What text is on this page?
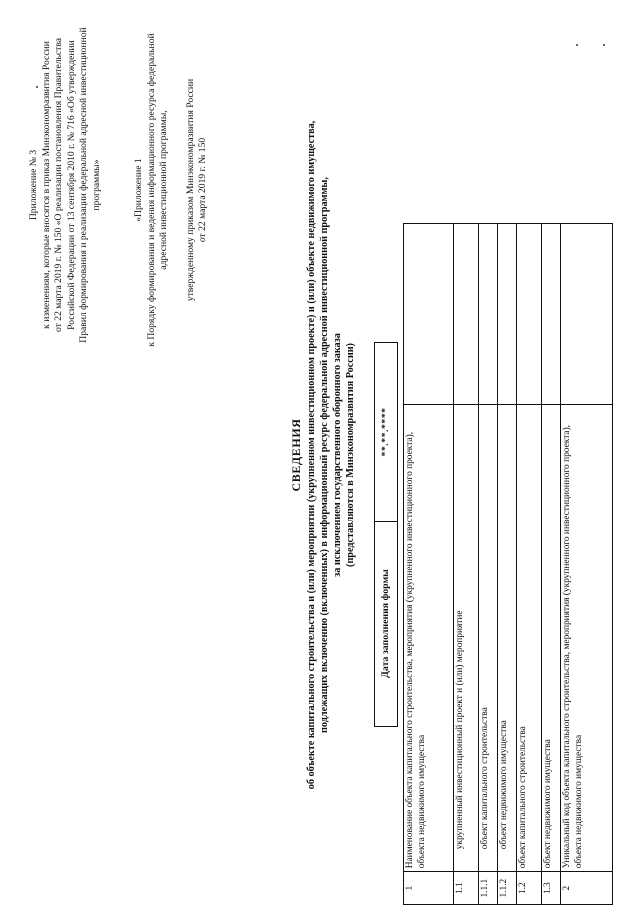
Приложение № 3 к изменениям, которые вносятся в приказ Минэкономразвития России от 22 марта 2019 г. № 150 «О реализации постановления Правительства Российской Федерации от 13 сентября 2010 г. № 716 «Об утверждении Правил формирования и реализации федеральной адресной инвестиционной программы»	«Приложение 1 к Порядку формирования и ведения информационного ресурса федеральной адресной инвестиционной программы, утвержденному приказом Минэкономразвития России от 22 марта 2019 г. № 150
СВЕДЕНИЯ об объекте капитального строительства и (или) мероприятии (укрупненном инвестиционном проекте) и (или) объекте недвижимого имущества, подлежащих включению (включенных) в информационный ресурс федеральной адресной инвестиционной программы, за исключением государственного оборонного заказа (представляются в Минэкономразвития России)
Дата заполнения формы
**.**.****
1	Наименование объекта капитального строительства, мероприятия (укрупненного инвестиционного проекта), объекта недвижимого имущества	
1.1	укрупненный инвестиционный проект и (или) мероприятие	
1.1.1	объект капитального строительства	
1.1.2	объект недвижимого имущества	
1.2	объект капитального строительства	
1.3	объект недвижимого имущества	
2	Уникальный код объекта капитального строительства, мероприятия (укрупненного инвестиционного проекта), объекта недвижимого имущества	
